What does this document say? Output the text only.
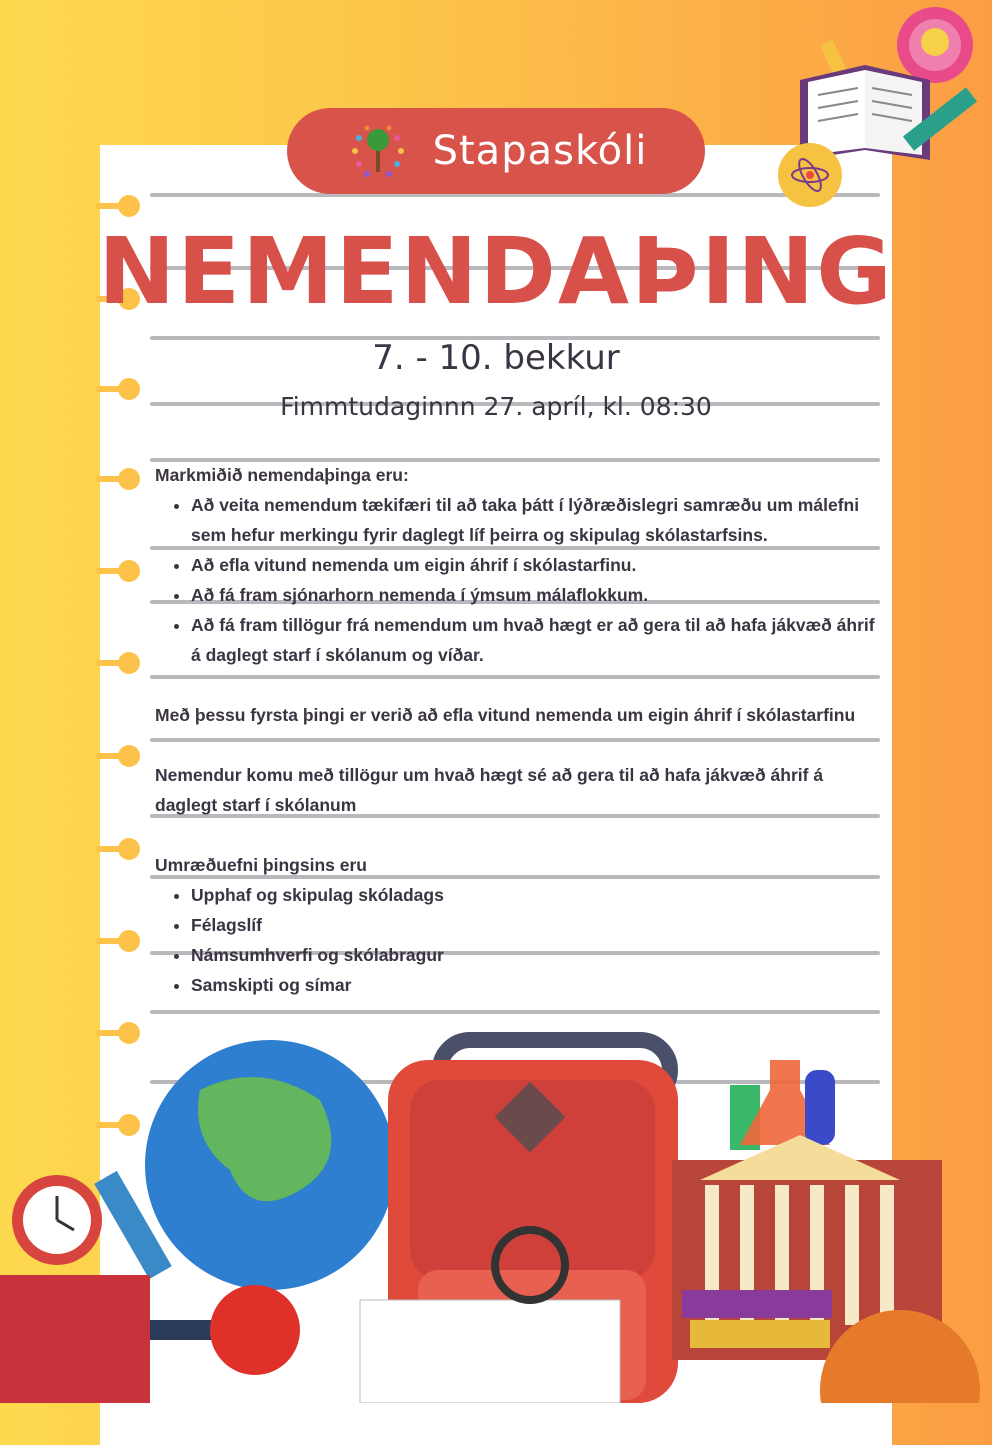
Stapaskóli
NEMENDAÞING
7. - 10. bekkur
Fimmtudaginnn 27. apríl, kl. 08:30

Markmiðið nemendaþinga eru:

• Að veita nemendum tækifæri til að taka þátt í lýðræðislegri samræðu um málefni sem hefur merkingu fyrir daglegt líf þeirra og skipulag skólastarfsins.
• Að efla vitund nemenda um eigin áhrif í skólastarfinu.
• Að fá fram sjónarhorn nemenda í ýmsum málaflokkum.
• Að fá fram tillögur frá nemendum um hvað hægt er að gera til að hafa jákvæð áhrif á daglegt starf í skólanum og víðar.

Með þessu fyrsta þingi er verið að efla vitund nemenda um eigin áhrif í skólastarfinu

Nemendur komu með tillögur um hvað hægt sé að gera til að hafa jákvæð áhrif á daglegt starf í skólanum

Umræðuefni þingsins eru

• Upphaf og skipulag skóladags
• Félagslíf
• Námsumhverfi og skólabragur
• Samskipti og símar
